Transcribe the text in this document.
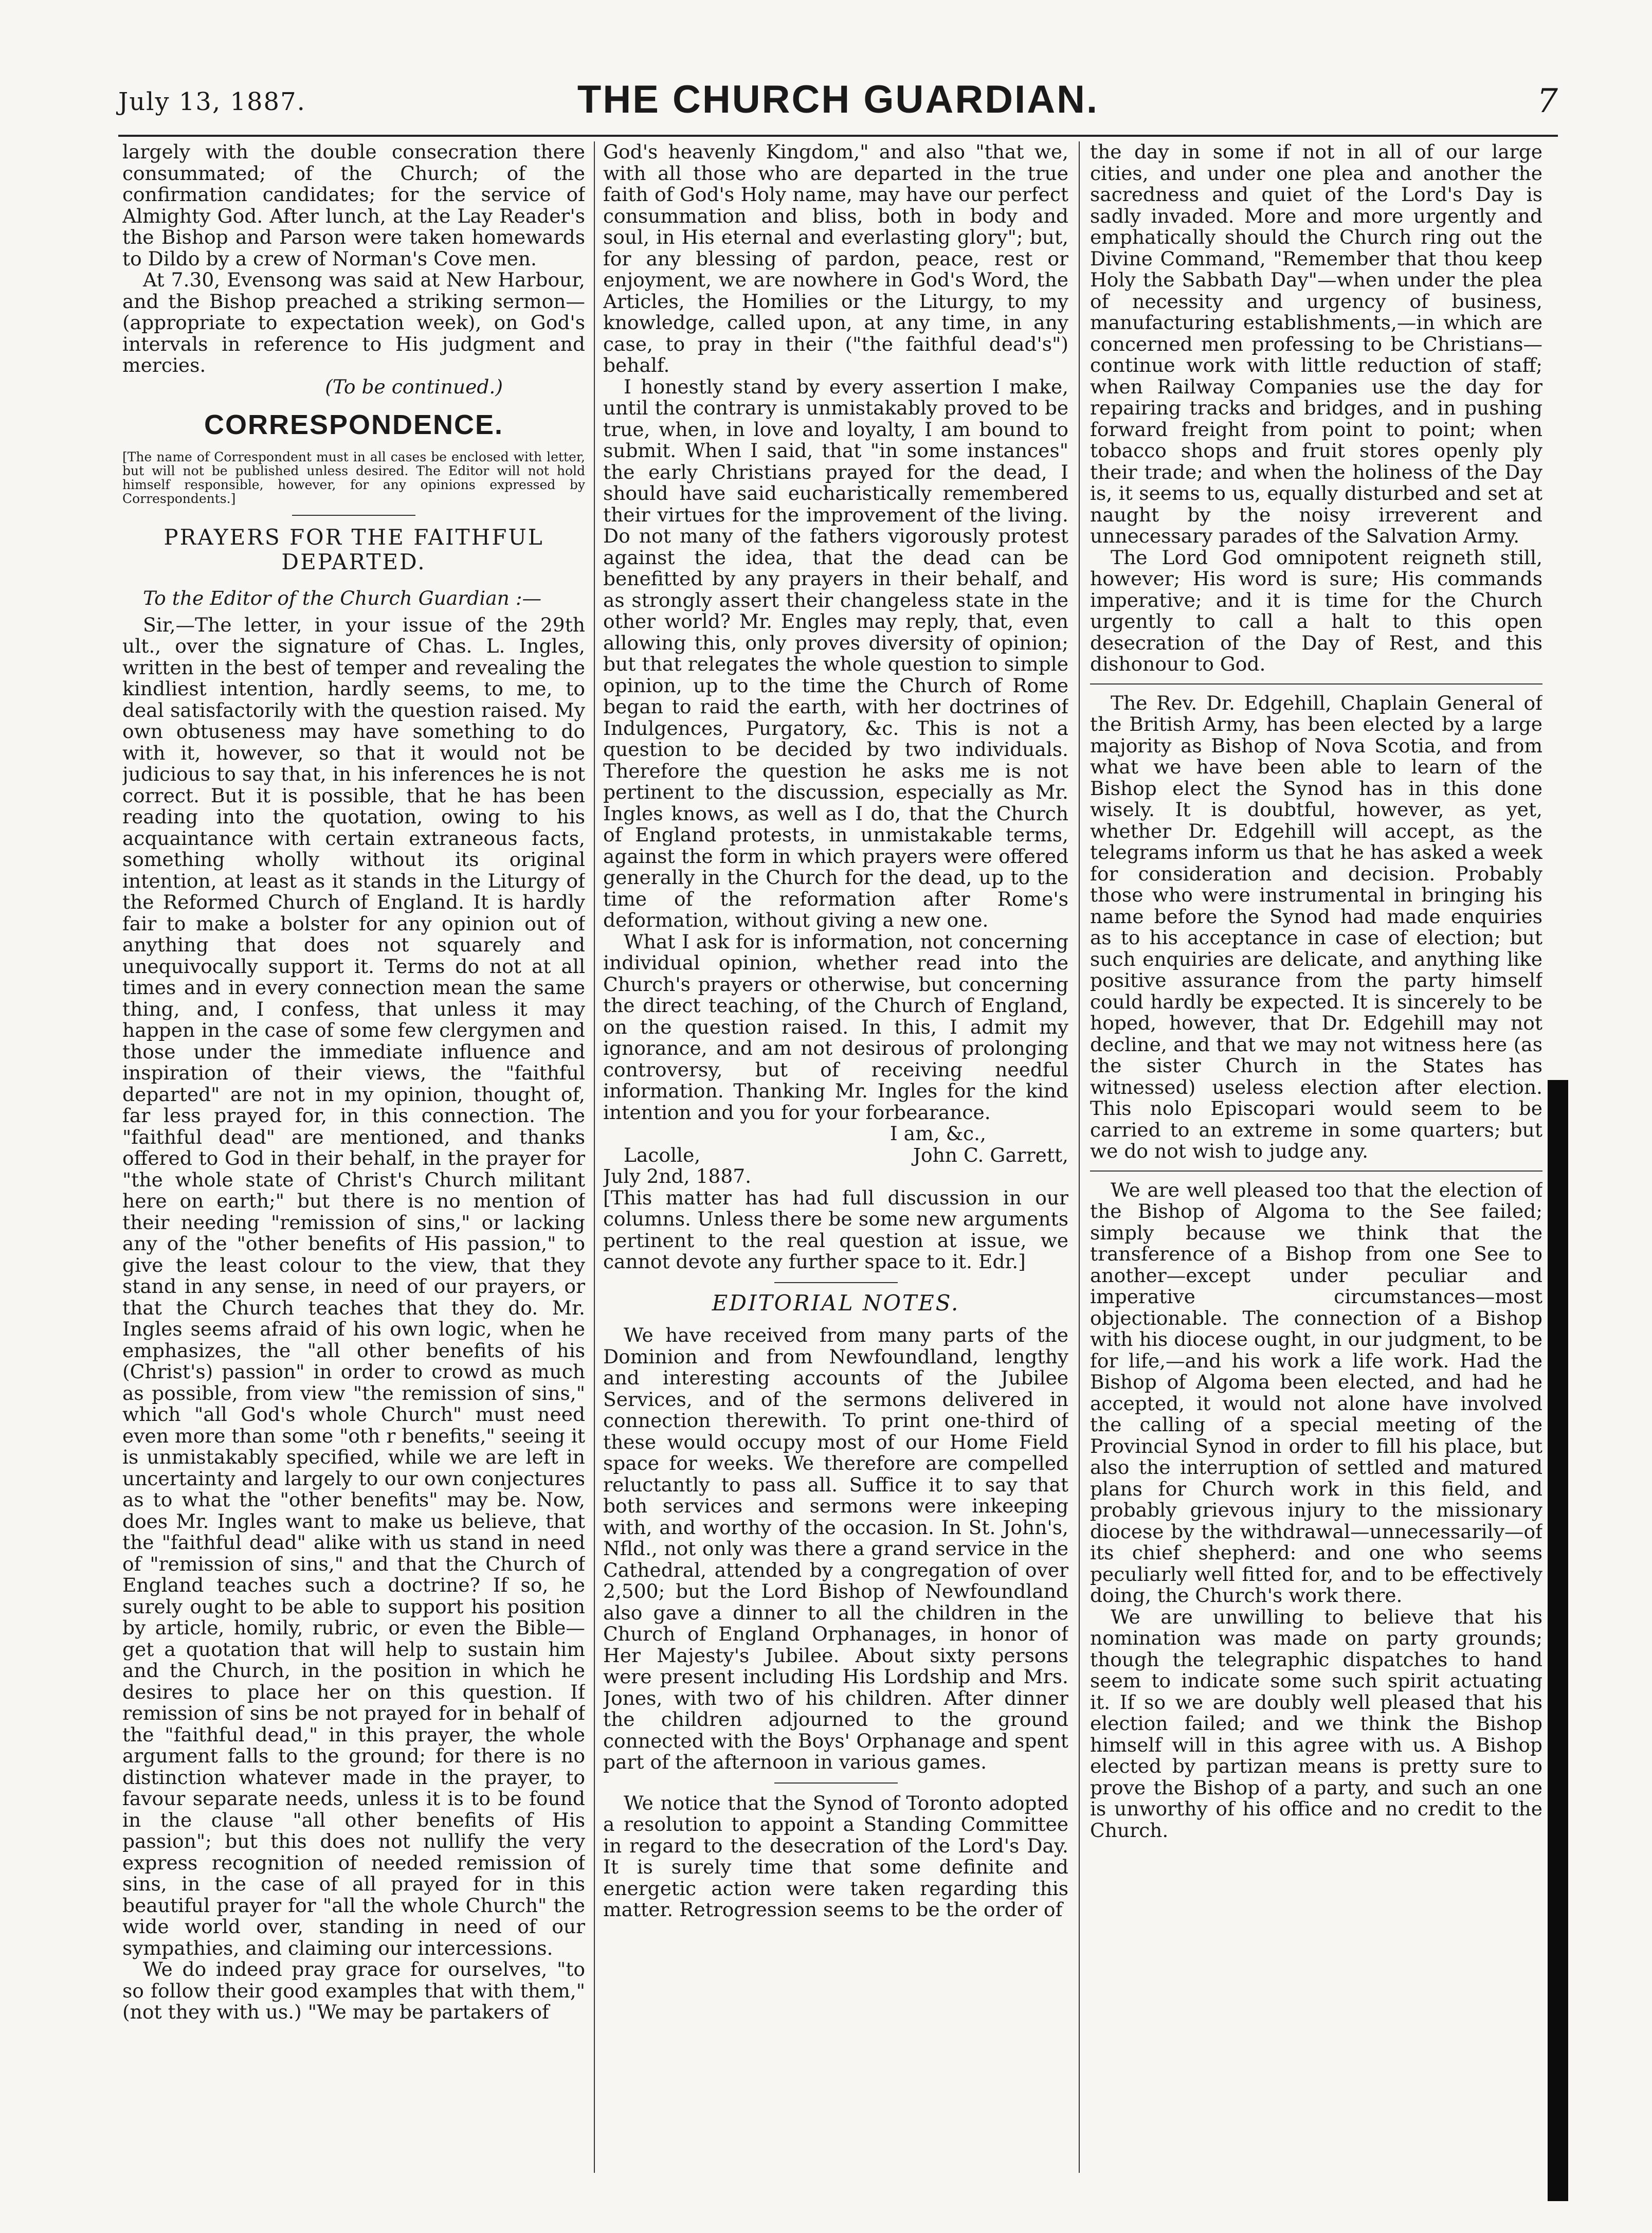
July 13, 1887.	THE CHURCH GUARDIAN.	7

largely with the double consecration there consummated; of the Church; of the confirmation candidates; for the service of Almighty God. After lunch, at the Lay Reader's the Bishop and Parson were taken homewards to Dildo by a crew of Norman's Cove men.

At 7.30, Evensong was said at New Harbour, and the Bishop preached a striking sermon—(appropriate to expectation week), on God's intervals in reference to His judgment and mercies.

(To be continued.)

CORRESPONDENCE.

[The name of Correspondent must in all cases be enclosed with letter, but will not be published unless desired. The Editor will not hold himself responsible, however, for any opinions expressed by Correspondents.]

PRAYERS FOR THE FAITHFUL DEPARTED.

To the Editor of the Church Guardian :—

Sir,—The letter, in your issue of the 29th ult., over the signature of Chas. L. Ingles, written in the best of temper and revealing the kindliest intention, hardly seems, to me, to deal satisfactorily with the question raised. My own obtuseness may have something to do with it, however, so that it would not be judicious to say that, in his inferences he is not correct. But it is possible, that he has been reading into the quotation, owing to his acquaintance with certain extraneous facts, something wholly without its original intention, at least as it stands in the Liturgy of the Reformed Church of England. It is hardly fair to make a bolster for any opinion out of anything that does not squarely and unequivocally support it. Terms do not at all times and in every connection mean the same thing, and, I confess, that unless it may happen in the case of some few clergymen and those under the immediate influence and inspiration of their views, the "faithful departed" are not in my opinion, thought of, far less prayed for, in this connection. The "faithful dead" are mentioned, and thanks offered to God in their behalf, in the prayer for "the whole state of Christ's Church militant here on earth;" but there is no mention of their needing "remission of sins," or lacking any of the "other benefits of His passion," to give the least colour to the view, that they stand in any sense, in need of our prayers, or that the Church teaches that they do. Mr. Ingles seems afraid of his own logic, when he emphasizes, the "all other benefits of his (Christ's) passion" in order to crowd as much as possible, from view "the remission of sins," which "all God's whole Church" must need even more than some "oth r benefits," seeing it is unmistakably specified, while we are left in uncertainty and largely to our own conjectures as to what the "other benefits" may be. Now, does Mr. Ingles want to make us believe, that the "faithful dead" alike with us stand in need of "remission of sins," and that the Church of England teaches such a doctrine? If so, he surely ought to be able to support his position by article, homily, rubric, or even the Bible—get a quotation that will help to sustain him and the Church, in the position in which he desires to place her on this question. If remission of sins be not prayed for in behalf of the "faithful dead," in this prayer, the whole argument falls to the ground; for there is no distinction whatever made in the prayer, to favour separate needs, unless it is to be found in the clause "all other benefits of His passion"; but this does not nullify the very express recognition of needed remission of sins, in the case of all prayed for in this beautiful prayer for "all the whole Church" the wide world over, standing in need of our sympathies, and claiming our intercessions.

We do indeed pray grace for ourselves, "to so follow their good examples that with them," (not they with us.) "We may be partakers of

God's heavenly Kingdom," and also "that we, with all those who are departed in the true faith of God's Holy name, may have our perfect consummation and bliss, both in body and soul, in His eternal and everlasting glory"; but, for any blessing of pardon, peace, rest or enjoyment, we are nowhere in God's Word, the Articles, the Homilies or the Liturgy, to my knowledge, called upon, at any time, in any case, to pray in their ("the faithful dead's") behalf.

I honestly stand by every assertion I make, until the contrary is unmistakably proved to be true, when, in love and loyalty, I am bound to submit. When I said, that "in some instances" the early Christians prayed for the dead, I should have said eucharistically remembered their virtues for the improvement of the living. Do not many of the fathers vigorously protest against the idea, that the dead can be benefitted by any prayers in their behalf, and as strongly assert their changeless state in the other world? Mr. Engles may reply, that, even allowing this, only proves diversity of opinion; but that relegates the whole question to simple opinion, up to the time the Church of Rome began to raid the earth, with her doctrines of Indulgences, Purgatory, &c. This is not a question to be decided by two individuals. Therefore the question he asks me is not pertinent to the discussion, especially as Mr. Ingles knows, as well as I do, that the Church of England protests, in unmistakable terms, against the form in which prayers were offered generally in the Church for the dead, up to the time of the reformation after Rome's deformation, without giving a new one.

What I ask for is information, not concerning individual opinion, whether read into the Church's prayers or otherwise, but concerning the direct teaching, of the Church of England, on the question raised. In this, I admit my ignorance, and am not desirous of prolonging controversy, but of receiving needful information. Thanking Mr. Ingles for the kind intention and you for your forbearance.

I am, &c.,

Lacolle,	John C. Garrett,

July 2nd, 1887.

[This matter has had full discussion in our columns. Unless there be some new arguments pertinent to the real question at issue, we cannot devote any further space to it. Edr.]

EDITORIAL NOTES.

We have received from many parts of the Dominion and from Newfoundland, lengthy and interesting accounts of the Jubilee Services, and of the sermons delivered in connection therewith. To print one-third of these would occupy most of our Home Field space for weeks. We therefore are compelled reluctantly to pass all. Suffice it to say that both services and sermons were inkeeping with, and worthy of the occasion. In St. John's, Nfld., not only was there a grand service in the Cathedral, attended by a congregation of over 2,500; but the Lord Bishop of Newfoundland also gave a dinner to all the children in the Church of England Orphanages, in honor of Her Majesty's Jubilee. About sixty persons were present including His Lordship and Mrs. Jones, with two of his children. After dinner the children adjourned to the ground connected with the Boys' Orphanage and spent part of the afternoon in various games.

We notice that the Synod of Toronto adopted a resolution to appoint a Standing Committee in regard to the desecration of the Lord's Day. It is surely time that some definite and energetic action were taken regarding this matter. Retrogression seems to be the order of

the day in some if not in all of our large cities, and under one plea and another the sacredness and quiet of the Lord's Day is sadly invaded. More and more urgently and emphatically should the Church ring out the Divine Command, "Remember that thou keep Holy the Sabbath Day"—when under the plea of necessity and urgency of business, manufacturing establishments,—in which are concerned men professing to be Christians—continue work with little reduction of staff; when Railway Companies use the day for repairing tracks and bridges, and in pushing forward freight from point to point; when tobacco shops and fruit stores openly ply their trade; and when the holiness of the Day is, it seems to us, equally disturbed and set at naught by the noisy irreverent and unnecessary parades of the Salvation Army.

The Lord God omnipotent reigneth still, however; His word is sure; His commands imperative; and it is time for the Church urgently to call a halt to this open desecration of the Day of Rest, and this dishonour to God.

The Rev. Dr. Edgehill, Chaplain General of the British Army, has been elected by a large majority as Bishop of Nova Scotia, and from what we have been able to learn of the Bishop elect the Synod has in this done wisely. It is doubtful, however, as yet, whether Dr. Edgehill will accept, as the telegrams inform us that he has asked a week for consideration and decision. Probably those who were instrumental in bringing his name before the Synod had made enquiries as to his acceptance in case of election; but such enquiries are delicate, and anything like positive assurance from the party himself could hardly be expected. It is sincerely to be hoped, however, that Dr. Edgehill may not decline, and that we may not witness here (as the sister Church in the States has witnessed) useless election after election. This nolo Episcopari would seem to be carried to an extreme in some quarters; but we do not wish to judge any.

We are well pleased too that the election of the Bishop of Algoma to the See failed; simply because we think that the transference of a Bishop from one See to another—except under peculiar and imperative circumstances—most objectionable. The connection of a Bishop with his diocese ought, in our judgment, to be for life,—and his work a life work. Had the Bishop of Algoma been elected, and had he accepted, it would not alone have involved the calling of a special meeting of the Provincial Synod in order to fill his place, but also the interruption of settled and matured plans for Church work in this field, and probably grievous injury to the missionary diocese by the withdrawal—unnecessarily—of its chief shepherd: and one who seems peculiarly well fitted for, and to be effectively doing, the Church's work there.

We are unwilling to believe that his nomination was made on party grounds; though the telegraphic dispatches to hand seem to indicate some such spirit actuating it. If so we are doubly well pleased that his election failed; and we think the Bishop himself will in this agree with us. A Bishop elected by partizan means is pretty sure to prove the Bishop of a party, and such an one is unworthy of his office and no credit to the Church.
